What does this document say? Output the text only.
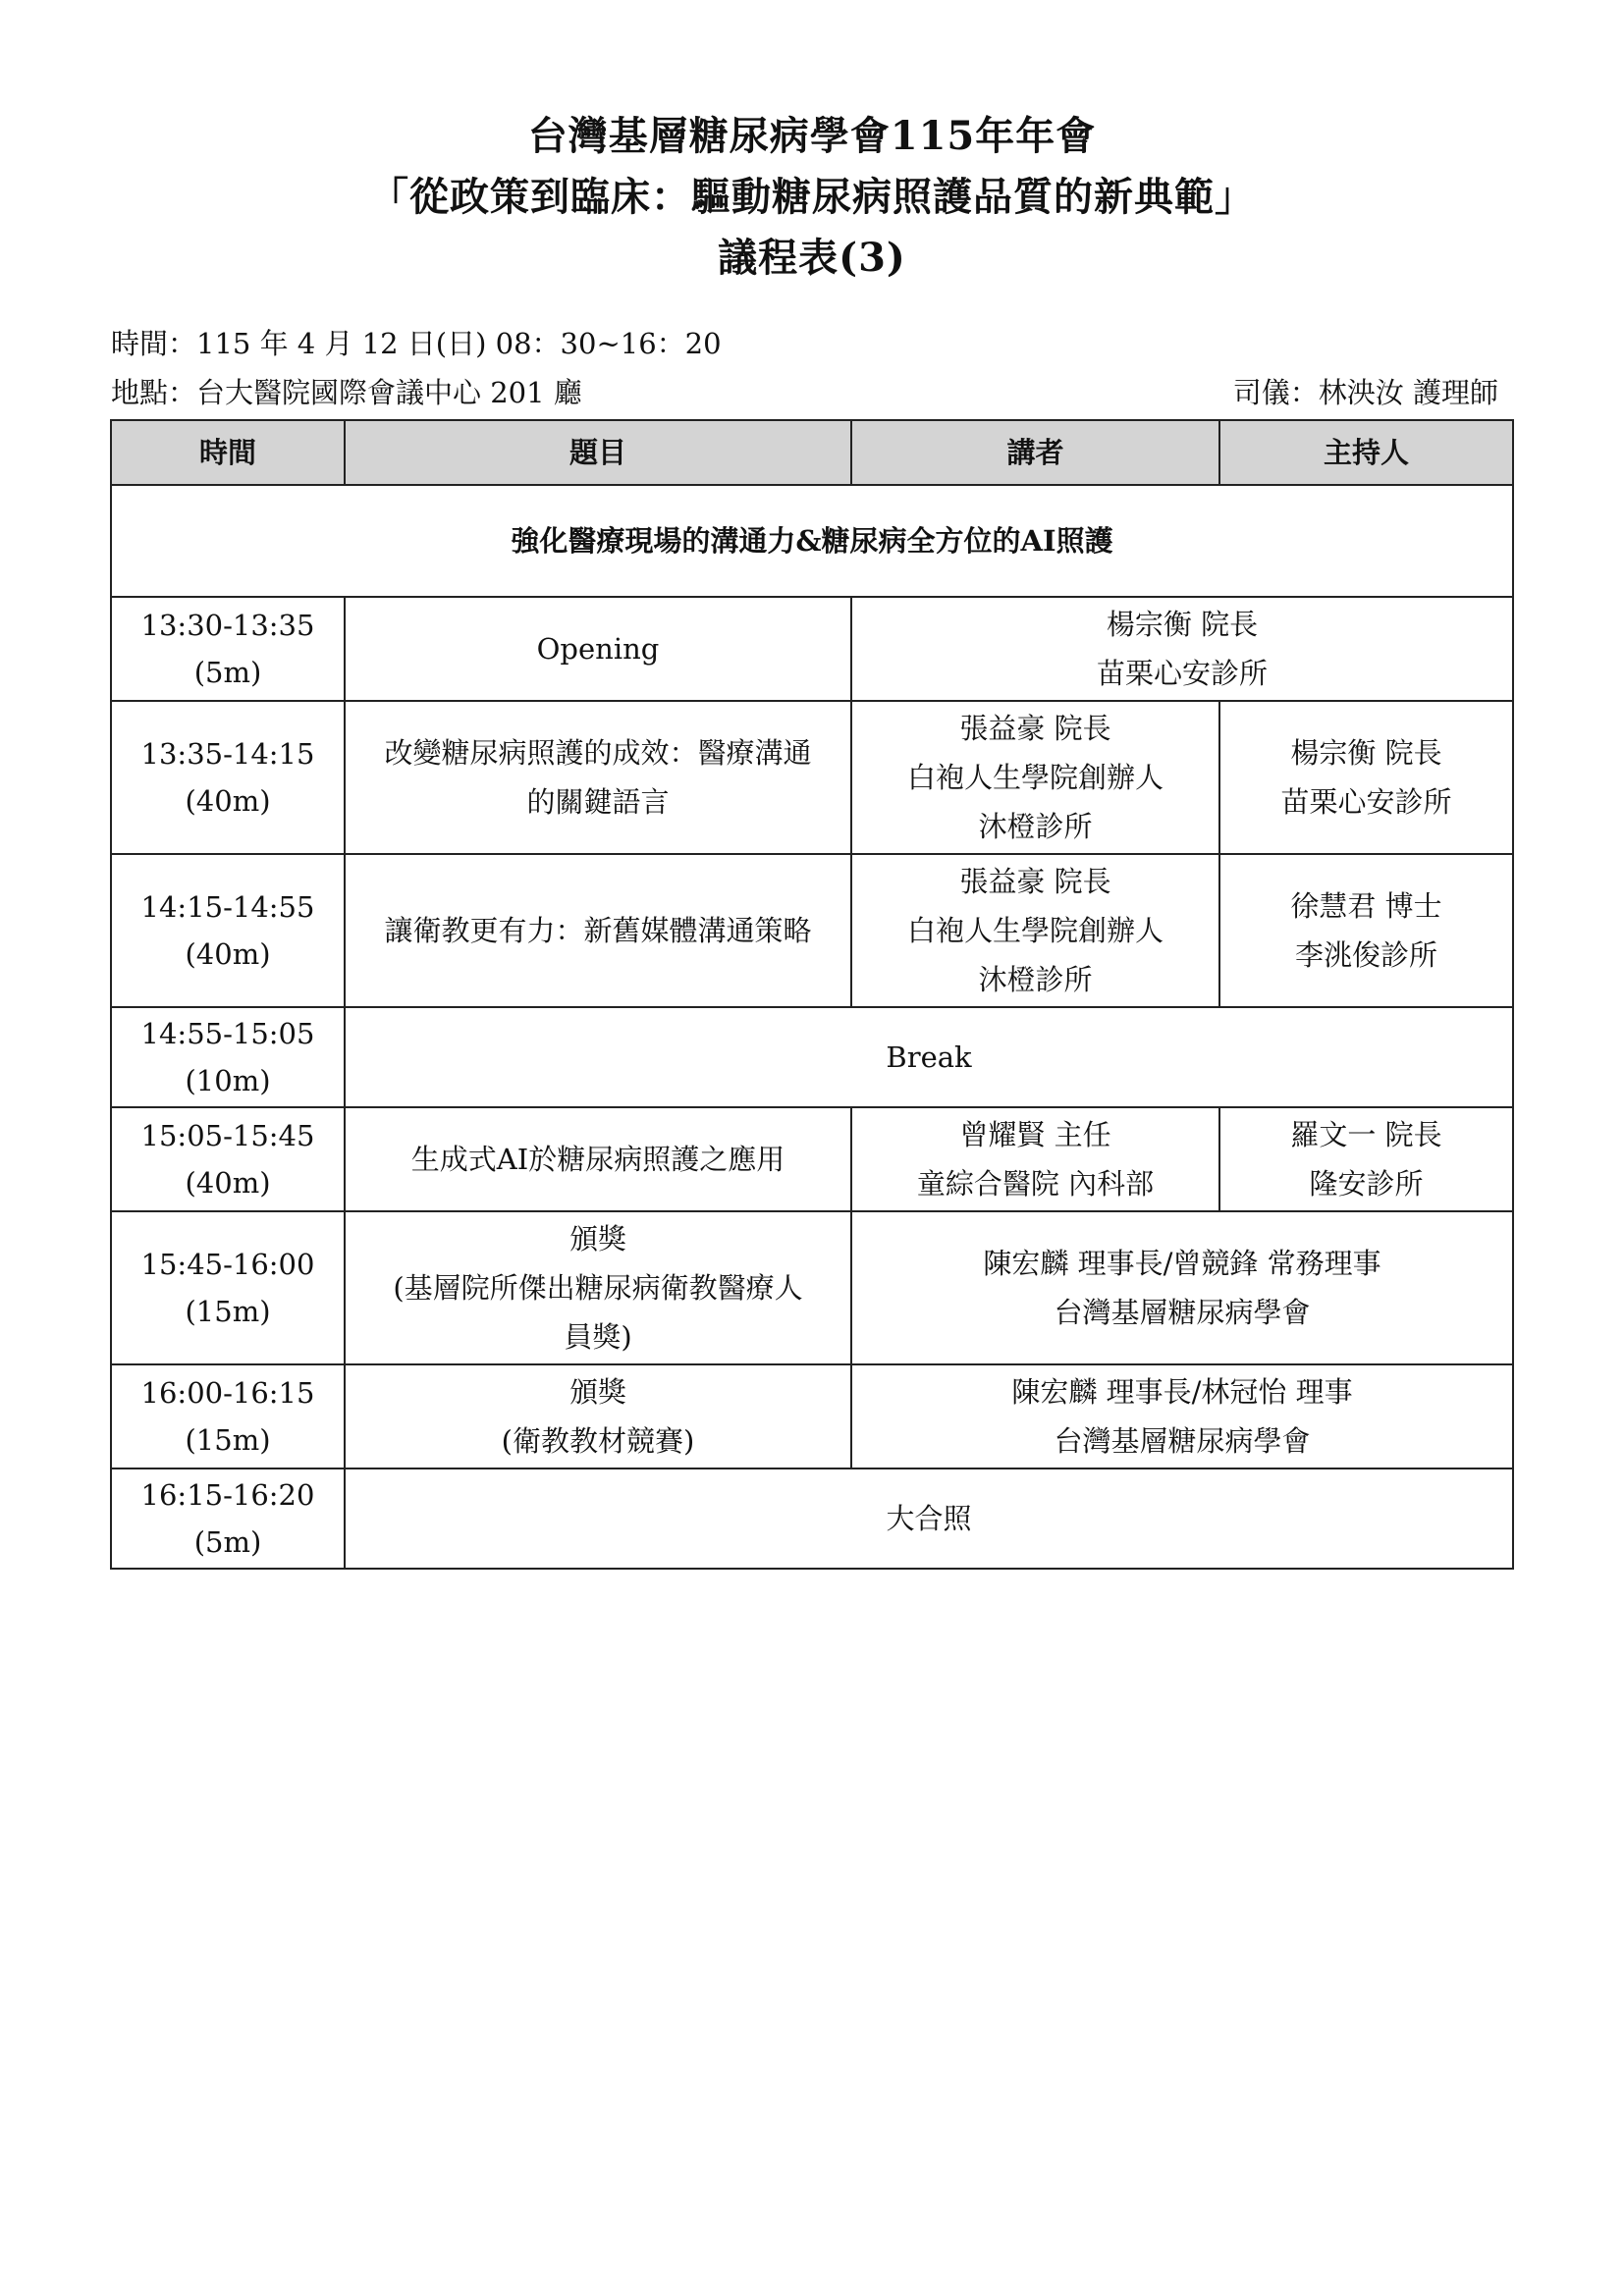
台灣基層糖尿病學會115年年會
「從政策到臨床：驅動糖尿病照護品質的新典範」
議程表(3)
時間：115 年 4 月 12 日(日) 08：30~16：20
地點：台大醫院國際會議中心 201 廳	司儀：林泱汝 護理師
時間	題目	講者	主持人
強化醫療現場的溝通力&糖尿病全方位的AI照護			

13:30-13:35
(5m)	Opening	楊宗衡 院長
苗栗心安診所	

13:35-14:15
(40m)	改變糖尿病照護的成效：醫療溝通
的關鍵語言	張益豪 院長
白袍人生學院創辦人
沐橙診所	楊宗衡 院長
苗栗心安診所

14:15-14:55
(40m)	讓衛教更有力：新舊媒體溝通策略	張益豪 院長
白袍人生學院創辦人
沐橙診所	徐慧君 博士
李洮俊診所

14:55-15:05
(10m)	Break		

15:05-15:45
(40m)	生成式AI於糖尿病照護之應用	曾耀賢 主任
童綜合醫院 內科部	羅文一 院長
隆安診所

15:45-16:00
(15m)	頒獎
(基層院所傑出糖尿病衛教醫療人
員獎)	陳宏麟 理事長/曾競鋒 常務理事
台灣基層糖尿病學會	

16:00-16:15
(15m)	頒獎
(衛教教材競賽)	陳宏麟 理事長/林冠怡 理事
台灣基層糖尿病學會	

16:15-16:20
(5m)	大合照		
